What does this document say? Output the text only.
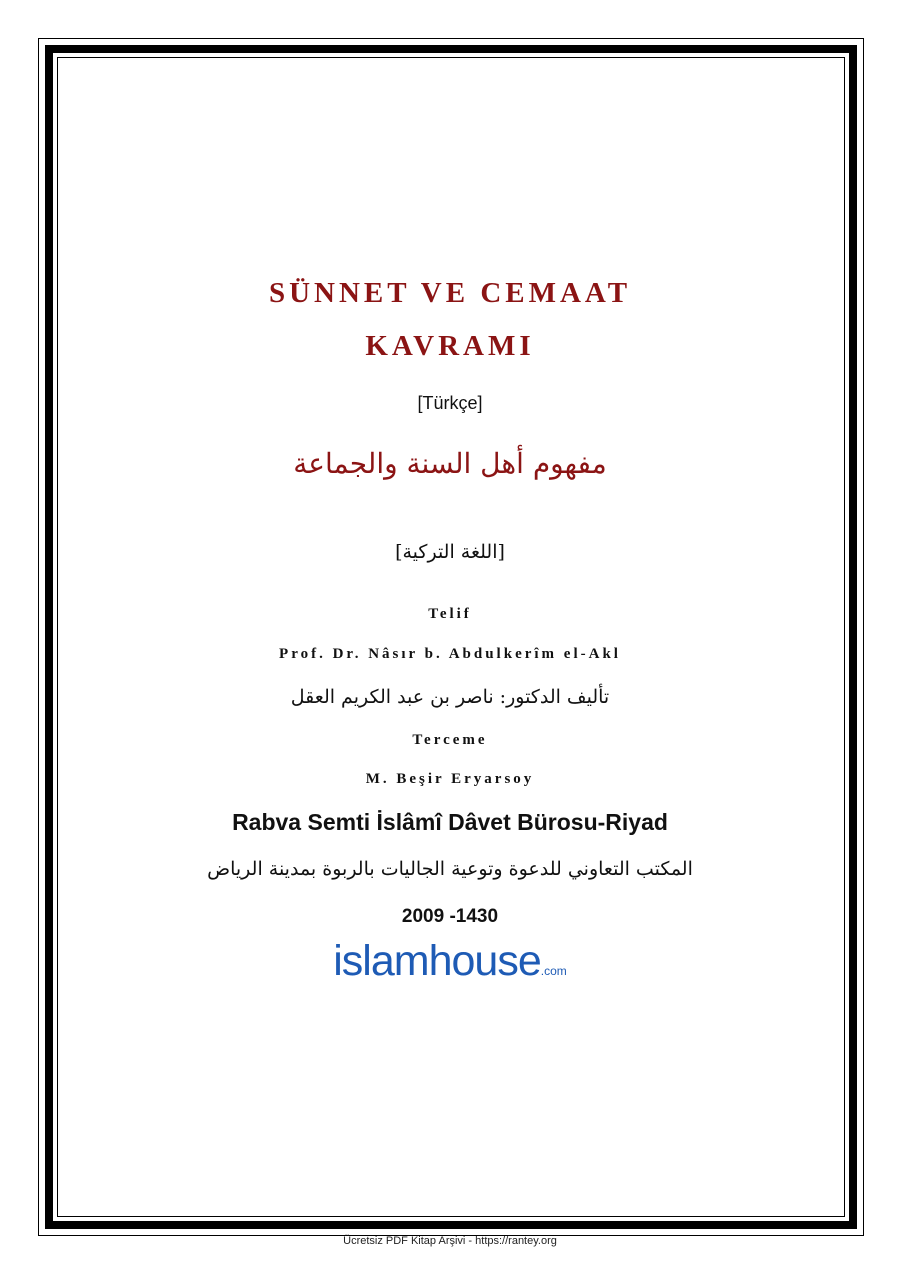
SÜNNET VE CEMAAT
KAVRAMI
[Türkçe]
مفهوم أهل السنة والجماعة
[اللغة التركية]
Telif
Prof. Dr. Nâsır b. Abdulkerîm el-Akl
تأليف الدكتور: ناصر بن عبد الكريم العقل
Terceme
M. Beşir Eryarsoy
Rabva Semti İslâmî Dâvet Bürosu-Riyad
المكتب التعاوني للدعوة وتوعية الجاليات بالربوة بمدينة الرياض
2009 -1430
islamhouse.com
Ücretsiz PDF Kitap Arşivi - https://rantey.org
